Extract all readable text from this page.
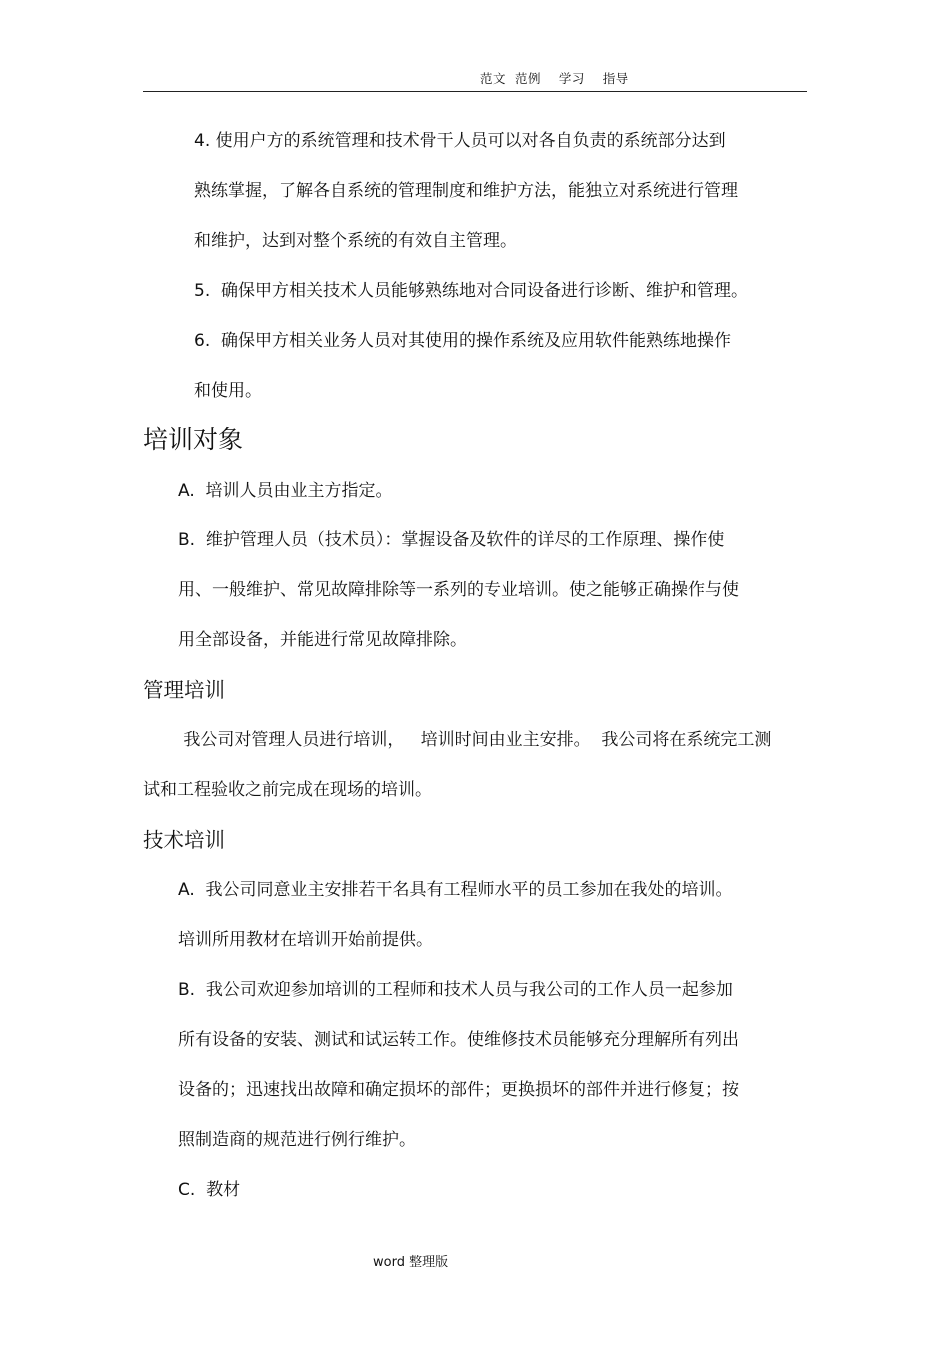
范文  范例    学习    指导
4. 使用户方的系统管理和技术骨干人员可以对各自负责的系统部分达到
熟练掌握，了解各自系统的管理制度和维护方法，能独立对系统进行管理
和维护，达到对整个系统的有效自主管理。
5.  确保甲方相关技术人员能够熟练地对合同设备进行诊断、维护和管理。
6.  确保甲方相关业务人员对其使用的操作系统及应用软件能熟练地操作
和使用。
培训对象
A.  培训人员由业主方指定。
B.  维护管理人员（技术员）：掌握设备及软件的详尽的工作原理、操作使
用、一般维护、常见故障排除等一系列的专业培训。使之能够正确操作与使
用全部设备，并能进行常见故障排除。
管理培训
我公司对管理人员进行培训，   培训时间由业主安排。  我公司将在系统完工测
试和工程验收之前完成在现场的培训。
技术培训
A.  我公司同意业主安排若干名具有工程师水平的员工参加在我处的培训。
培训所用教材在培训开始前提供。
B.  我公司欢迎参加培训的工程师和技术人员与我公司的工作人员一起参加
所有设备的安装、测试和试运转工作。使维修技术员能够充分理解所有列出
设备的；迅速找出故障和确定损坏的部件；更换损坏的部件并进行修复；按
照制造商的规范进行例行维护。
C.  教材
word 整理版
